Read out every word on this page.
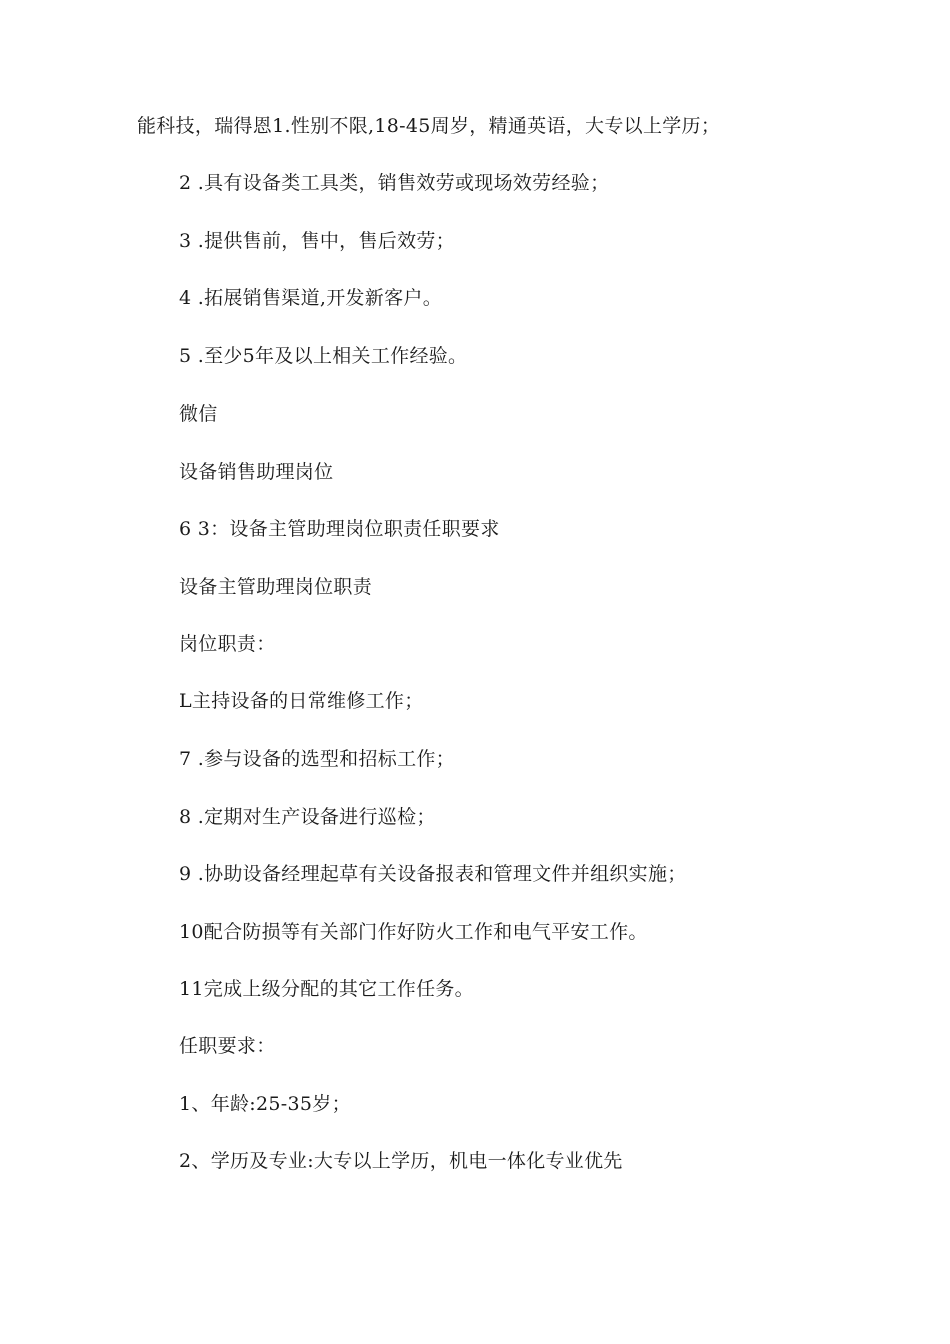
能科技，瑞得恩1.性别不限,18-45周岁，精通英语，大专以上学历；

2 .具有设备类工具类，销售效劳或现场效劳经验；

3 .提供售前，售中，售后效劳；

4 .拓展销售渠道,开发新客户。

5 .至少5年及以上相关工作经验。

微信

设备销售助理岗位

6 3：设备主管助理岗位职责任职要求

设备主管助理岗位职责

岗位职责：

L主持设备的日常维修工作；

7 .参与设备的选型和招标工作；

8 .定期对生产设备进行巡检；

9 .协助设备经理起草有关设备报表和管理文件并组织实施；

10配合防损等有关部门作好防火工作和电气平安工作。

11完成上级分配的其它工作任务。

任职要求：

1、年龄:25-35岁；

2、学历及专业:大专以上学历，机电一体化专业优先
